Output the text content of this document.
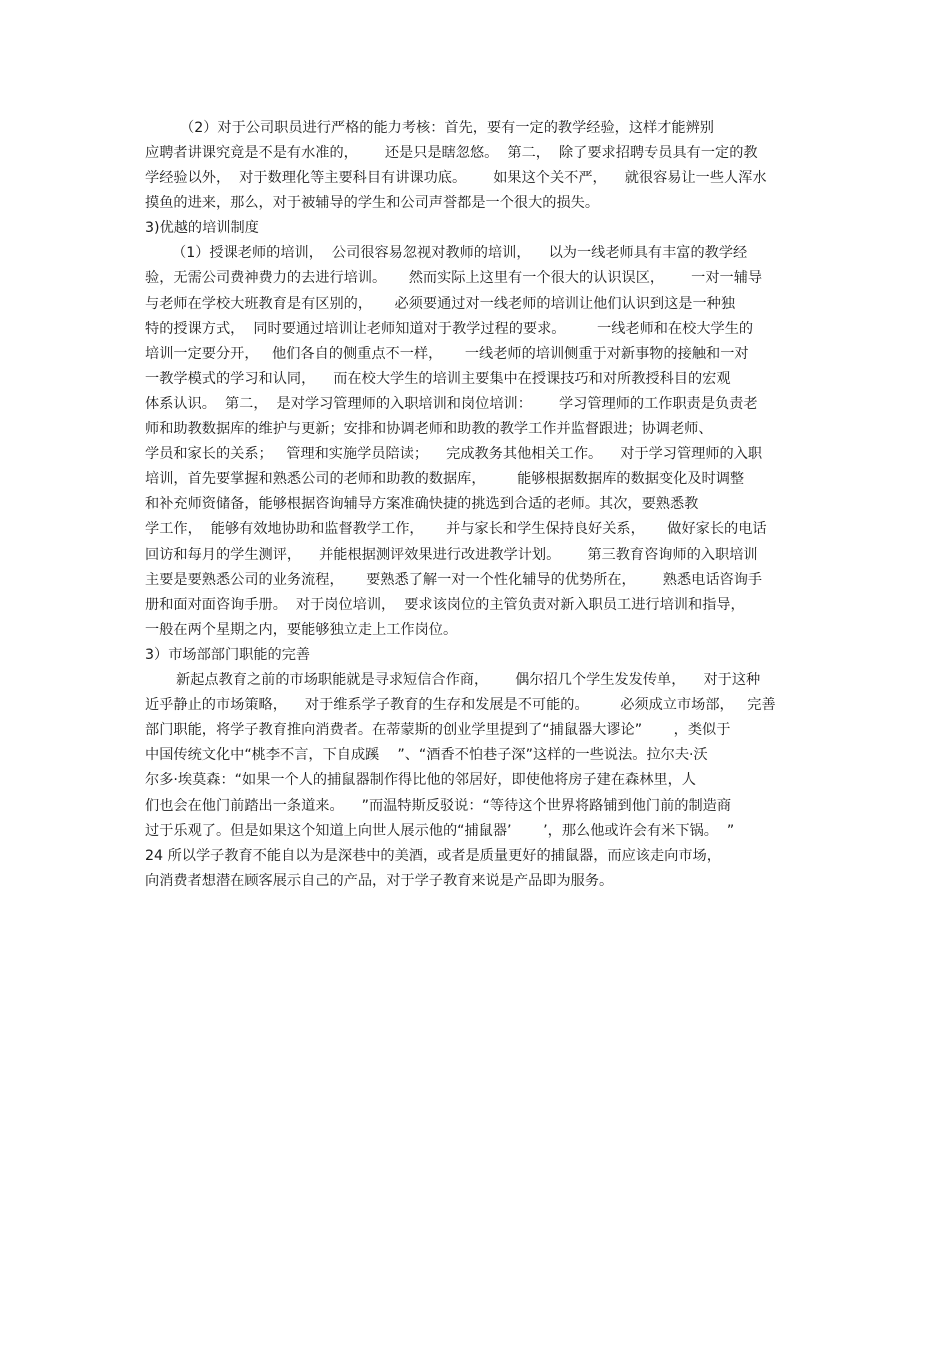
（2）对于公司职员进行严格的能力考核：首先，要有一定的教学经验，这样才能辨别
应聘者讲课究竟是不是有水准的，      还是只是瞎忽悠。  第二，  除了要求招聘专员具有一定的教
学经验以外，  对于数理化等主要科目有讲课功底。      如果这个关不严，    就很容易让一些人浑水
摸鱼的进来，那么，对于被辅导的学生和公司声誉都是一个很大的损失。
3)优越的培训制度
（1）授课老师的培训，  公司很容易忽视对教师的培训，    以为一线老师具有丰富的教学经
验，无需公司费神费力的去进行培训。     然而实际上这里有一个很大的认识误区，      一对一辅导
与老师在学校大班教育是有区别的，     必须要通过对一线老师的培训让他们认识到这是一种独
特的授课方式，  同时要通过培训让老师知道对于教学过程的要求。       一线老师和在校大学生的
培训一定要分开，   他们各自的侧重点不一样，     一线老师的培训侧重于对新事物的接触和一对
一教学模式的学习和认同，    而在校大学生的培训主要集中在授课技巧和对所教授科目的宏观
体系认识。  第二，  是对学习管理师的入职培训和岗位培训：      学习管理师的工作职责是负责老
师和助教数据库的维护与更新；安排和协调老师和助教的教学工作并监督跟进；协调老师、
学员和家长的关系；   管理和实施学员陪读；    完成教务其他相关工作。    对于学习管理师的入职
培训，首先要掌握和熟悉公司的老师和助教的数据库，       能够根据数据库的数据变化及时调整
和补充师资储备，能够根据咨询辅导方案准确快捷的挑选到合适的老师。其次，要熟悉教
学工作，  能够有效地协助和监督教学工作，     并与家长和学生保持良好关系，     做好家长的电话
回访和每月的学生测评，    并能根据测评效果进行改进教学计划。      第三教育咨询师的入职培训
主要是要熟悉公司的业务流程，     要熟悉了解一对一个性化辅导的优势所在，      熟悉电话咨询手
册和面对面咨询手册。  对于岗位培训，  要求该岗位的主管负责对新入职员工进行培训和指导，
一般在两个星期之内，要能够独立走上工作岗位。
3）市场部部门职能的完善
新起点教育之前的市场职能就是寻求短信合作商，      偶尔招几个学生发发传单，    对于这种
近乎静止的市场策略，    对于维系学子教育的生存和发展是不可能的。       必须成立市场部，   完善
部门职能，将学子教育推向消费者。在蒂蒙斯的创业学里提到了“捕鼠器大谬论”       ，类似于
中国传统文化中“桃李不言，下自成蹊    ”、“酒香不怕巷子深”这样的一些说法。拉尔夫·沃
尔多·埃莫森：“如果一个人的捕鼠器制作得比他的邻居好，即使他将房子建在森林里，人
们也会在他门前踏出一条道来。    ”而温特斯反驳说：“等待这个世界将路铺到他门前的制造商
过于乐观了。但是如果这个知道上向世人展示他的“捕鼠器’       ’，那么他或许会有米下锅。  ”
24 所以学子教育不能自以为是深巷中的美酒，或者是质量更好的捕鼠器，而应该走向市场，
向消费者想潜在顾客展示自己的产品，对于学子教育来说是产品即为服务。
